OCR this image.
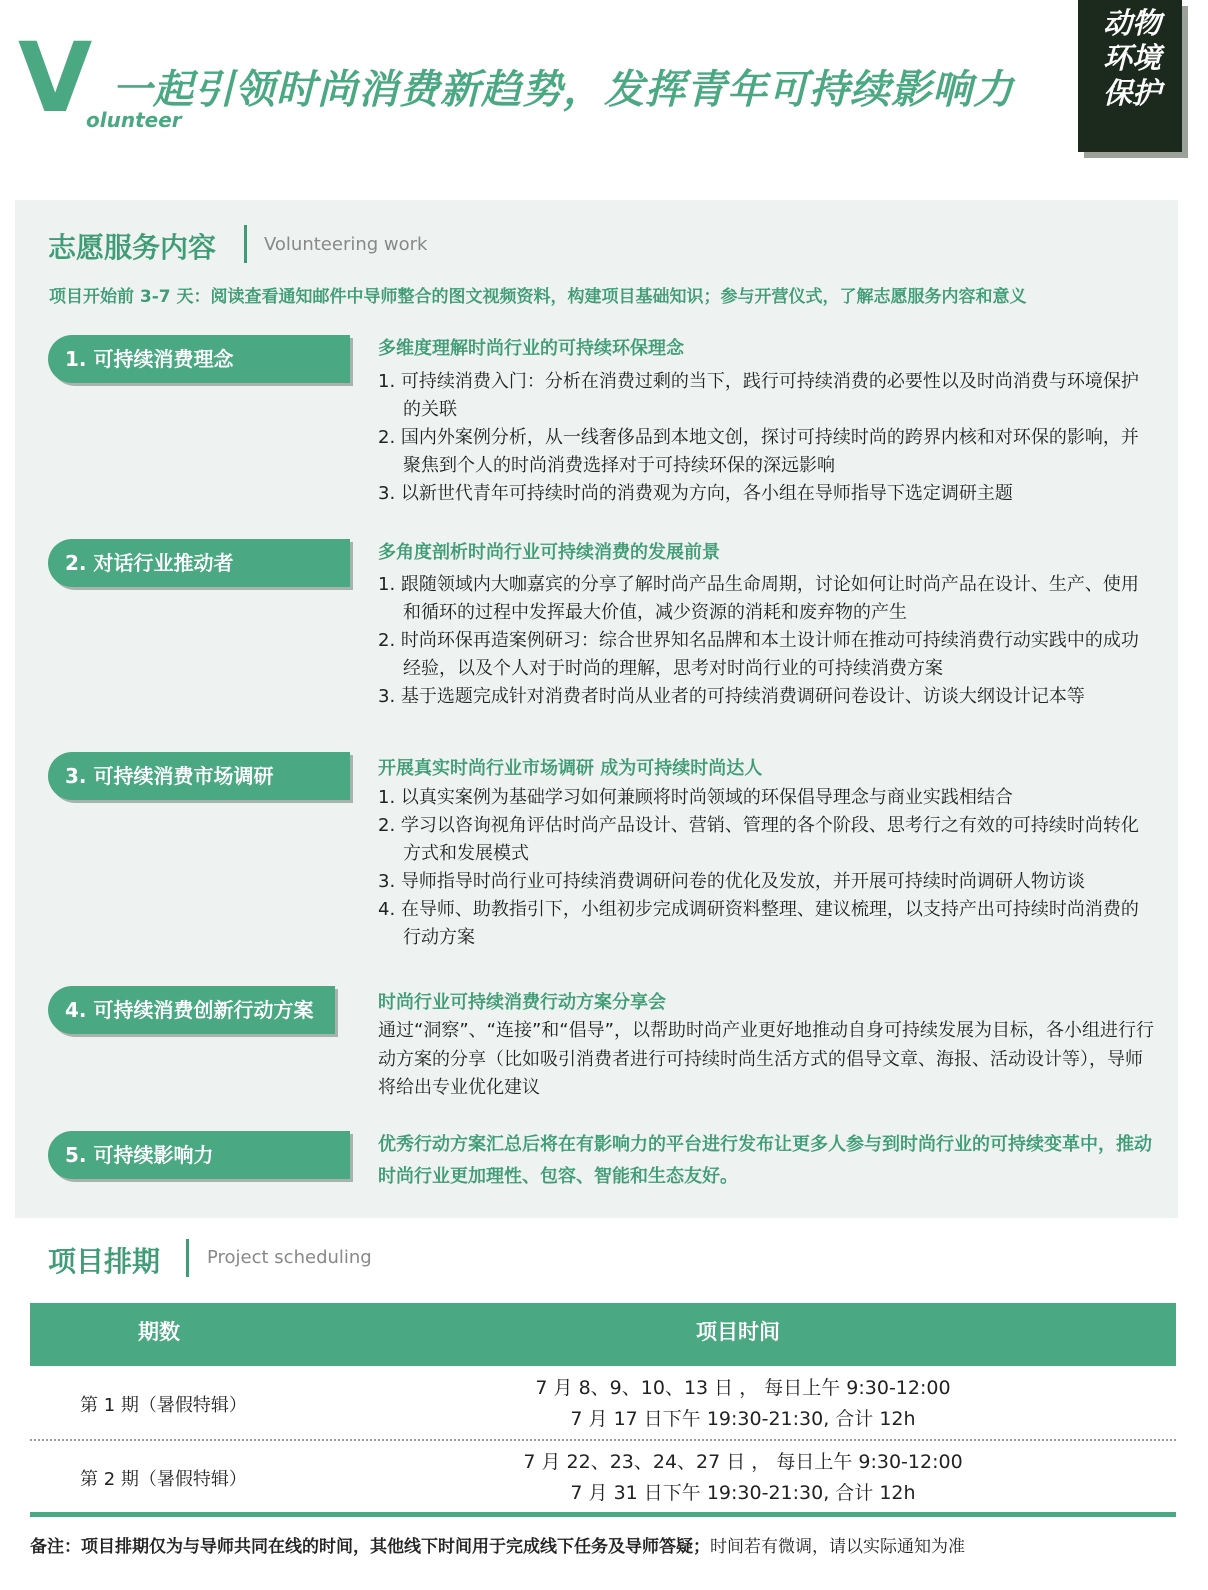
V
olunteer
一起引领时尚消费新趋势，发挥青年可持续影响力
动物
环境
保护
志愿服务内容	Volunteering work
项目开始前 3-7 天：阅读查看通知邮件中导师整合的图文视频资料，构建项目基础知识；参与开营仪式，了解志愿服务内容和意义
1. 可持续消费理念	多维度理解时尚行业的可持续环保理念
1. 可持续消费入门：分析在消费过剩的当下，践行可持续消费的必要性以及时尚消费与环境保护的关联
2. 国内外案例分析，从一线奢侈品到本地文创，探讨可持续时尚的跨界内核和对环保的影响，并聚焦到个人的时尚消费选择对于可持续环保的深远影响
3. 以新世代青年可持续时尚的消费观为方向，各小组在导师指导下选定调研主题
2. 对话行业推动者	多角度剖析时尚行业可持续消费的发展前景
1. 跟随领域内大咖嘉宾的分享了解时尚产品生命周期，讨论如何让时尚产品在设计、生产、使用和循环的过程中发挥最大价值，减少资源的消耗和废弃物的产生
2. 时尚环保再造案例研习：综合世界知名品牌和本土设计师在推动可持续消费行动实践中的成功经验，以及个人对于时尚的理解，思考对时尚行业的可持续消费方案
3. 基于选题完成针对消费者时尚从业者的可持续消费调研问卷设计、访谈大纲设计记本等
3. 可持续消费市场调研	开展真实时尚行业市场调研 成为可持续时尚达人
1. 以真实案例为基础学习如何兼顾将时尚领域的环保倡导理念与商业实践相结合
2. 学习以咨询视角评估时尚产品设计、营销、管理的各个阶段、思考行之有效的可持续时尚转化方式和发展模式
3. 导师指导时尚行业可持续消费调研问卷的优化及发放，并开展可持续时尚调研人物访谈
4. 在导师、助教指引下，小组初步完成调研资料整理、建议梳理，以支持产出可持续时尚消费的行动方案
4. 可持续消费创新行动方案	时尚行业可持续消费行动方案分享会
通过“洞察”、“连接”和“倡导”，以帮助时尚产业更好地推动自身可持续发展为目标，各小组进行行动方案的分享（比如吸引消费者进行可持续时尚生活方式的倡导文章、海报、活动设计等），导师将给出专业优化建议
5. 可持续影响力	优秀行动方案汇总后将在有影响力的平台进行发布让更多人参与到时尚行业的可持续变革中，推动时尚行业更加理性、包容、智能和生态友好。
项目排期	Project scheduling
期数	项目时间
第 1 期（暑假特辑）
7 月 8、9、10、13 日 ， 每日上午 9:30-12:00
7 月 17 日下午 19:30-21:30, 合计 12h
第 2 期（暑假特辑）
7 月 22、23、24、27 日 ， 每日上午 9:30-12:00
7 月 31 日下午 19:30-21:30, 合计 12h
备注：项目排期仅为与导师共同在线的时间，其他线下时间用于完成线下任务及导师答疑；时间若有微调，请以实际通知为准
